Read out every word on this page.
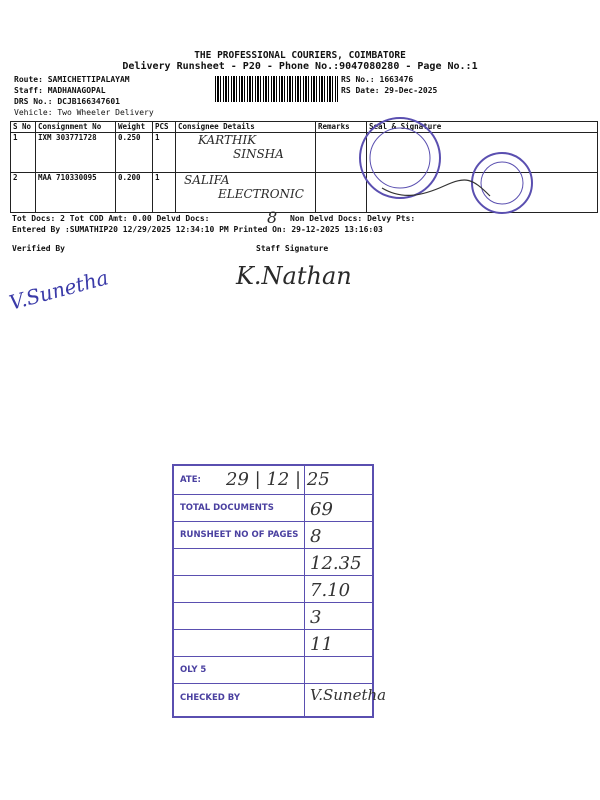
THE PROFESSIONAL COURIERS, COIMBATORE
Delivery Runsheet - P20 - Phone No.:9047080280 - Page No.:1
Route: SAMICHETTIPALAYAM
Staff: MADHANAGOPAL
DRS No.: DCJB166347601
Vehicle: Two Wheeler Delivery
RS No.: 1663476
RS Date: 29-Dec-2025
S No	Consignment No	Weight	PCS	Consignee Details	Remarks	Seal & Signature
1	IXM 303771728	0.250	1	KARTHIK
SINSHA		

2	MAA 710330095	0.200	1	SALIFA
ELECTRONIC		

Tot Docs: 2 Tot COD Amt: 0.00 Delvd Docs:	8 Non Delvd Docs: Delvy Pts:
Entered By :SUMATHIP20 12/29/2025 12:34:10 PM Printed On: 29-12-2025 13:16:03
Verified By	Staff Signature
V.Sunetha	K.Nathan
ATE: 29 | 12 | 25
TOTAL DOCUMENTS 69
RUNSHEET NO OF PAGES 8
12.35
7.10
3
11
OLY 5
CHECKED BY	V.Sunetha
